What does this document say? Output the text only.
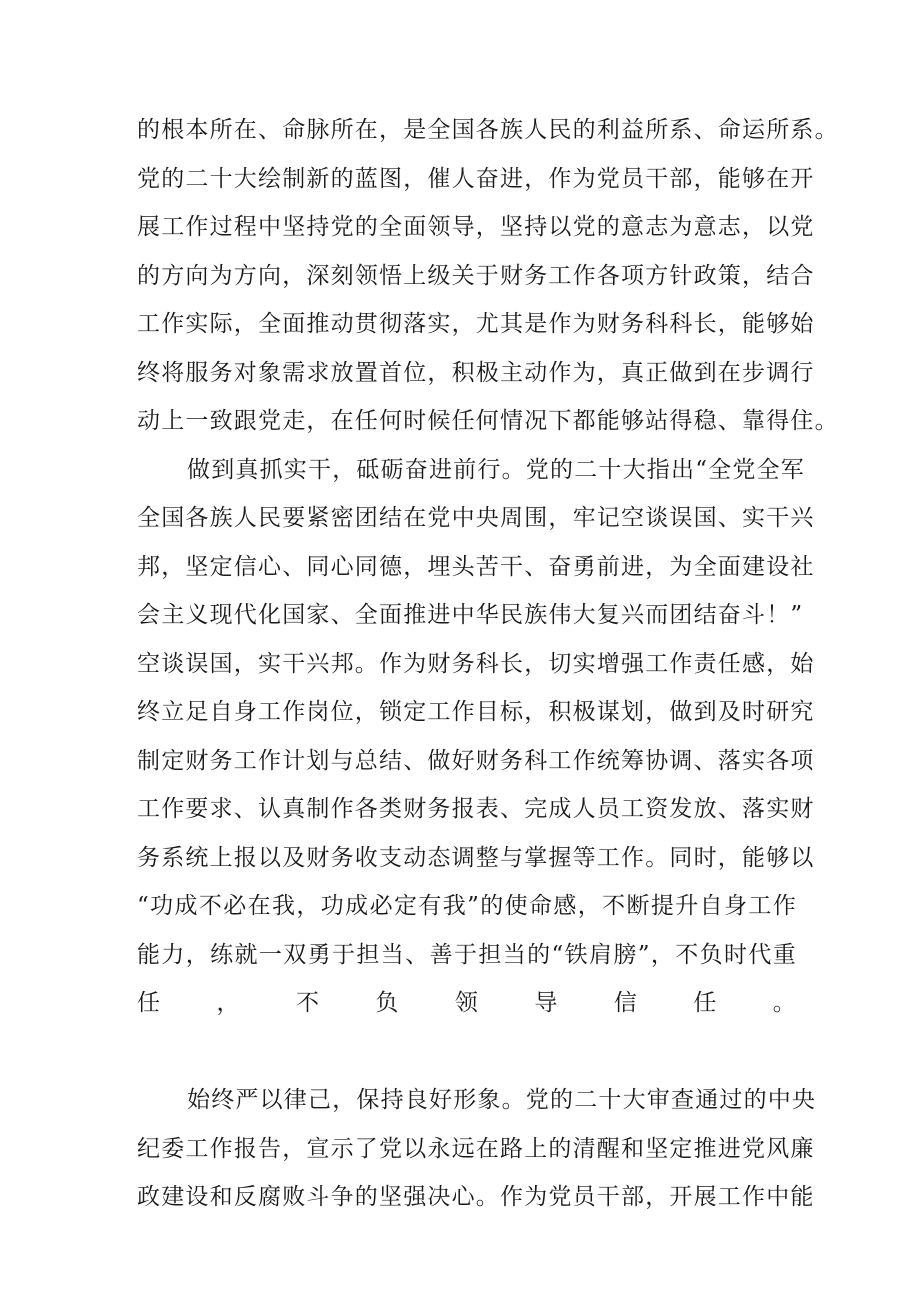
的根本所在、命脉所在，是全国各族人民的利益所系、命运所系。
党的二十大绘制新的蓝图，催人奋进，作为党员干部，能够在开
展工作过程中坚持党的全面领导，坚持以党的意志为意志，以党
的方向为方向，深刻领悟上级关于财务工作各项方针政策，结合
工作实际，全面推动贯彻落实，尤其是作为财务科科长，能够始
终将服务对象需求放置首位，积极主动作为，真正做到在步调行
动上一致跟党走，在任何时候任何情况下都能够站得稳、靠得住。
做到真抓实干，砥砺奋进前行。党的二十大指出“全党全军
全国各族人民要紧密团结在党中央周围，牢记空谈误国、实干兴
邦，坚定信心、同心同德，埋头苦干、奋勇前进，为全面建设社
会主义现代化国家、全面推进中华民族伟大复兴而团结奋斗！”
空谈误国，实干兴邦。作为财务科长，切实增强工作责任感，始
终立足自身工作岗位，锁定工作目标，积极谋划，做到及时研究
制定财务工作计划与总结、做好财务科工作统筹协调、落实各项
工作要求、认真制作各类财务报表、完成人员工资发放、落实财
务系统上报以及财务收支动态调整与掌握等工作。同时，能够以
“功成不必在我，功成必定有我”的使命感，不断提升自身工作
能力，练就一双勇于担当、善于担当的“铁肩膀”，不负时代重
任，不负领导信任。
始终严以律己，保持良好形象。党的二十大审查通过的中央
纪委工作报告，宣示了党以永远在路上的清醒和坚定推进党风廉
政建设和反腐败斗争的坚强决心。作为党员干部，开展工作中能
